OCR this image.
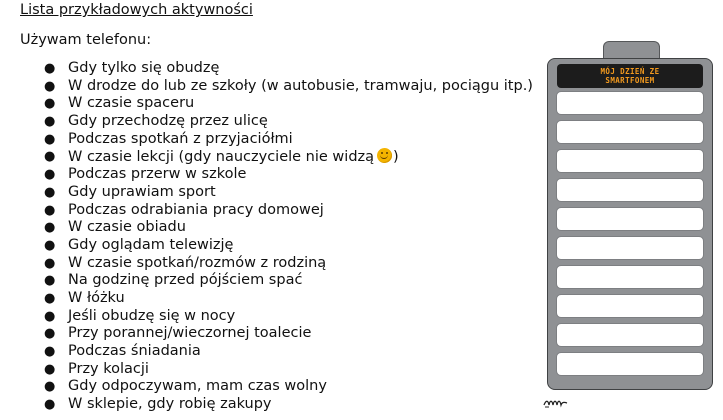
Lista przykładowych aktywności
Używam telefonu:
● Gdy tylko się obudzę
● W drodze do lub ze szkoły (w autobusie, tramwaju, pociągu itp.)
● W czasie spaceru
● Gdy przechodzę przez ulicę
● Podczas spotkań z przyjaciółmi
● W czasie lekcji (gdy nauczyciele nie widzą )
● Podczas przerw w szkole
● Gdy uprawiam sport
● Podczas odrabiania pracy domowej
● W czasie obiadu
● Gdy oglądam telewizję
● W czasie spotkań/rozmów z rodziną
● Na godzinę przed pójściem spać
● W łóżku
● Jeśli obudzę się w nocy
● Przy porannej/wieczornej toalecie
● Podczas śniadania
● Przy kolacji
● Gdy odpoczywam, mam czas wolny
● W sklepie, gdy robię zakupy
MÓJ DZIEŃ ZE
SMARTFONEM
